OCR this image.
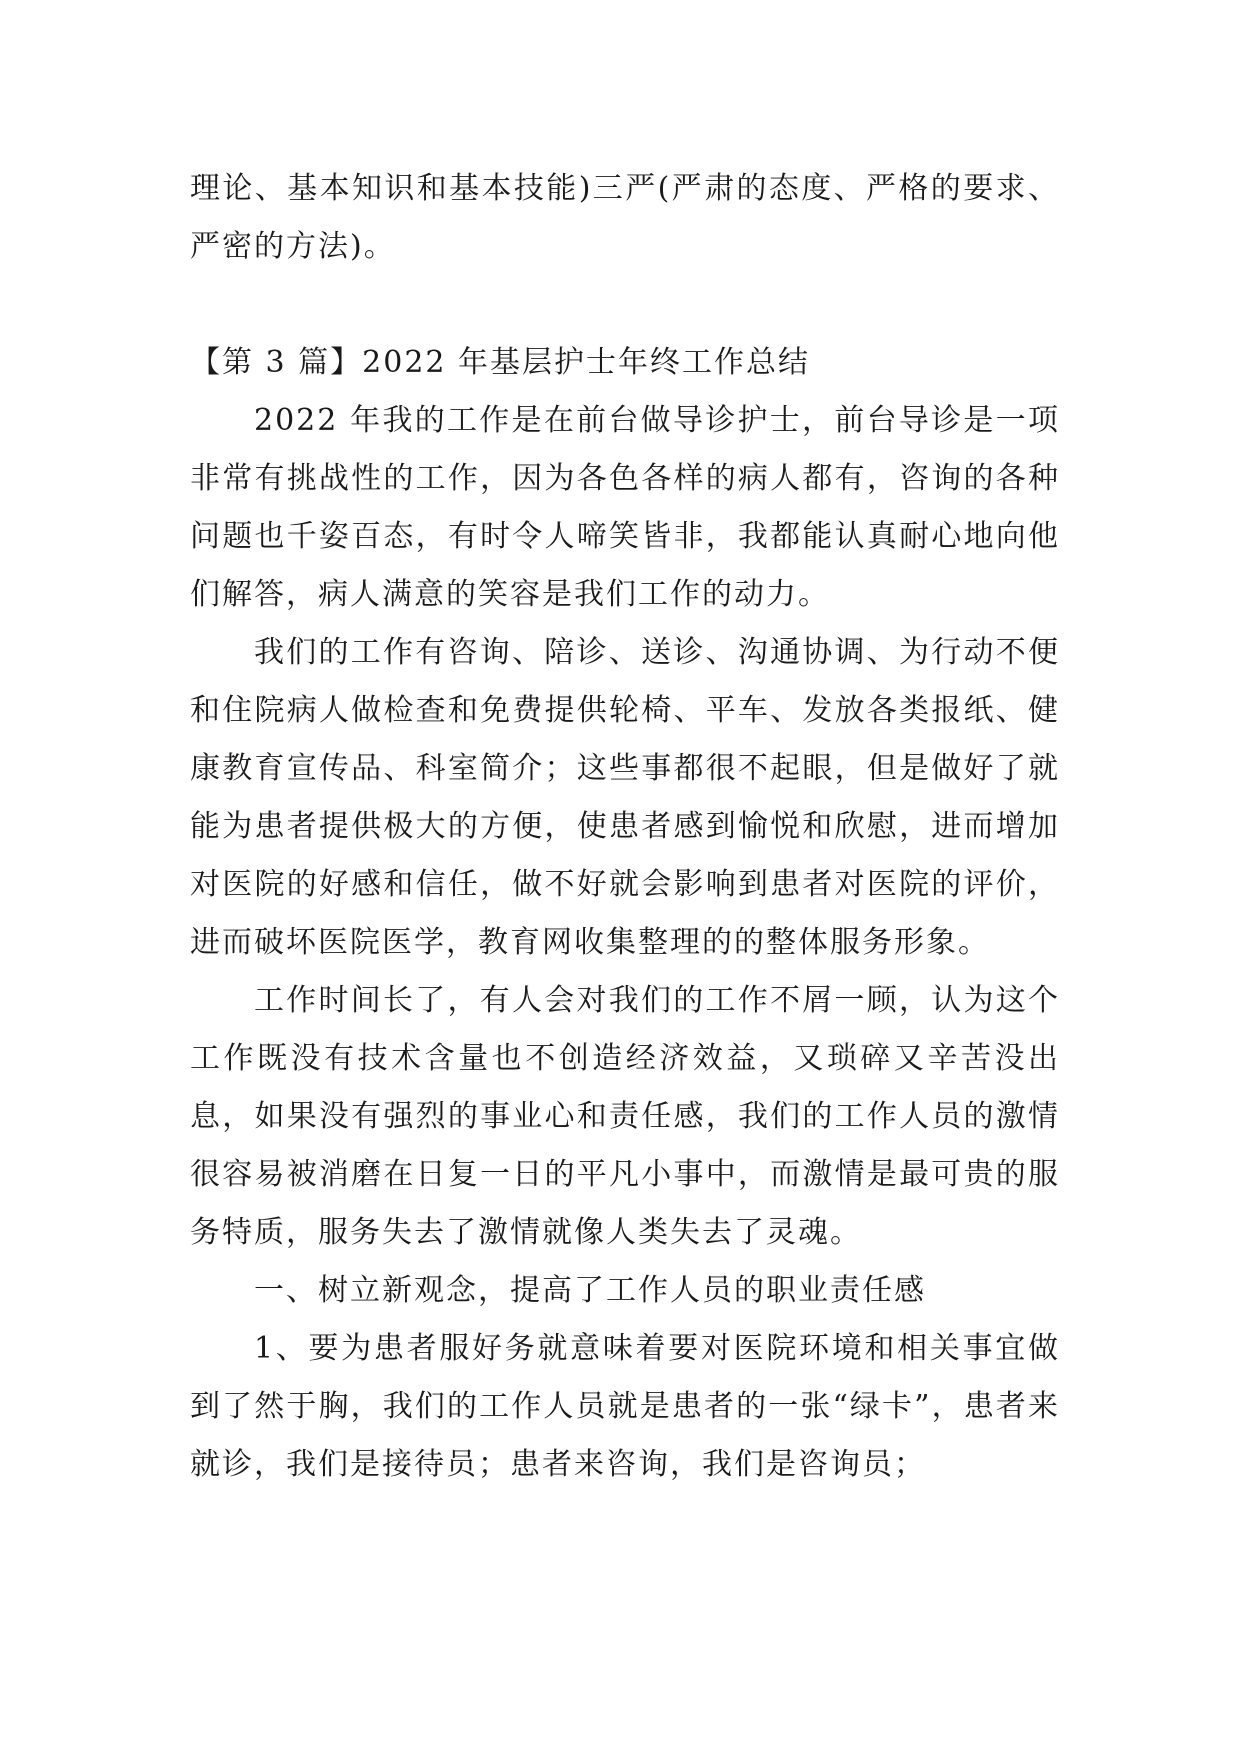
理论、基本知识和基本技能)三严(严肃的态度、严格的要求、严密的方法)。

【第 3 篇】2022 年基层护士年终工作总结

2022 年我的工作是在前台做导诊护士，前台导诊是一项非常有挑战性的工作，因为各色各样的病人都有，咨询的各种问题也千姿百态，有时令人啼笑皆非，我都能认真耐心地向他们解答，病人满意的笑容是我们工作的动力。

我们的工作有咨询、陪诊、送诊、沟通协调、为行动不便和住院病人做检查和免费提供轮椅、平车、发放各类报纸、健康教育宣传品、科室简介；这些事都很不起眼，但是做好了就能为患者提供极大的方便，使患者感到愉悦和欣慰，进而增加对医院的好感和信任，做不好就会影响到患者对医院的评价，进而破坏医院医学，教育网收集整理的的整体服务形象。

工作时间长了，有人会对我们的工作不屑一顾，认为这个工作既没有技术含量也不创造经济效益，又琐碎又辛苦没出息，如果没有强烈的事业心和责任感，我们的工作人员的激情很容易被消磨在日复一日的平凡小事中，而激情是最可贵的服务特质，服务失去了激情就像人类失去了灵魂。

一、树立新观念，提高了工作人员的职业责任感

1、要为患者服好务就意味着要对医院环境和相关事宜做到了然于胸，我们的工作人员就是患者的一张“绿卡”，患者来就诊，我们是接待员；患者来咨询，我们是咨询员；
